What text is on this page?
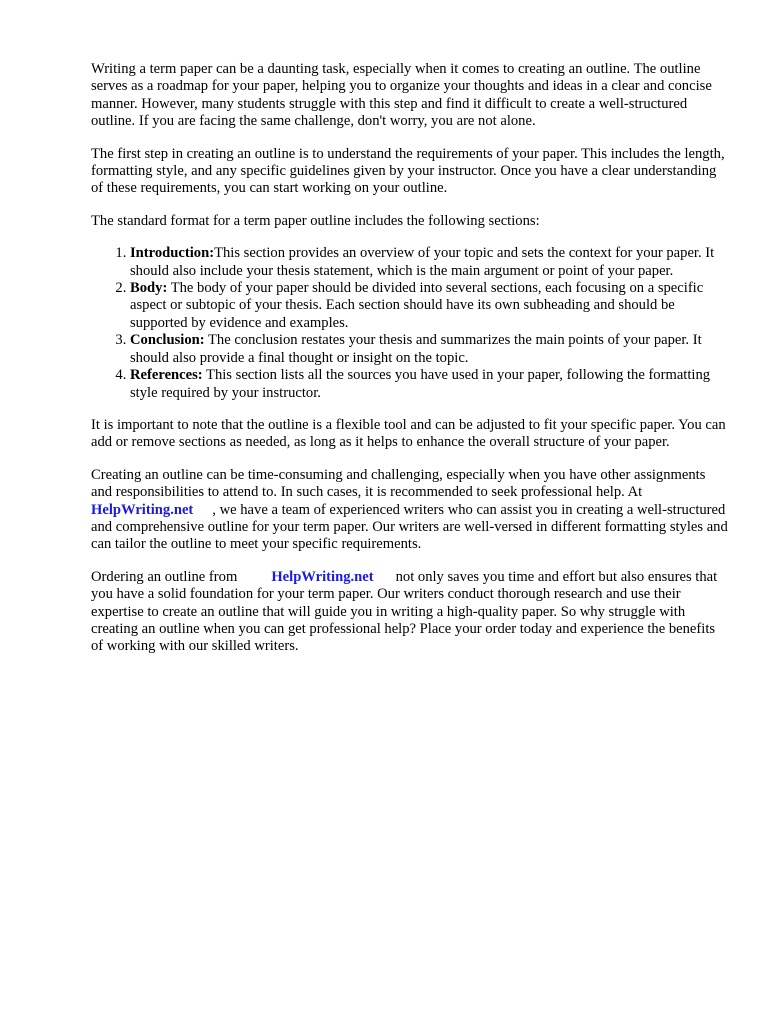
Writing a term paper can be a daunting task, especially when it comes to creating an outline. The outline serves as a roadmap for your paper, helping you to organize your thoughts and ideas in a clear and concise manner. However, many students struggle with this step and find it difficult to create a well-structured outline. If you are facing the same challenge, don't worry, you are not alone.

The first step in creating an outline is to understand the requirements of your paper. This includes the length, formatting style, and any specific guidelines given by your instructor. Once you have a clear understanding of these requirements, you can start working on your outline.

The standard format for a term paper outline includes the following sections:

1. Introduction:This section provides an overview of your topic and sets the context for your paper. It should also include your thesis statement, which is the main argument or point of your paper.
2. Body: The body of your paper should be divided into several sections, each focusing on a specific aspect or subtopic of your thesis. Each section should have its own subheading and should be supported by evidence and examples.
3. Conclusion: The conclusion restates your thesis and summarizes the main points of your paper. It should also provide a final thought or insight on the topic.
4. References: This section lists all the sources you have used in your paper, following the formatting style required by your instructor.

It is important to note that the outline is a flexible tool and can be adjusted to fit your specific paper. You can add or remove sections as needed, as long as it helps to enhance the overall structure of your paper.

Creating an outline can be time-consuming and challenging, especially when you have other assignments and responsibilities to attend to. In such cases, it is recommended to seek professional help. AtHelpWriting.net , we have a team of experienced writers who can assist you in creating a well-structured and comprehensive outline for your term paper. Our writers are well-versed in different formatting styles and can tailor the outline to meet your specific requirements.

Ordering an outline from HelpWriting.net not only saves you time and effort but also ensures that you have a solid foundation for your term paper. Our writers conduct thorough research and use their expertise to create an outline that will guide you in writing a high-quality paper. So why struggle with creating an outline when you can get professional help? Place your order today and experience the benefits of working with our skilled writers.
